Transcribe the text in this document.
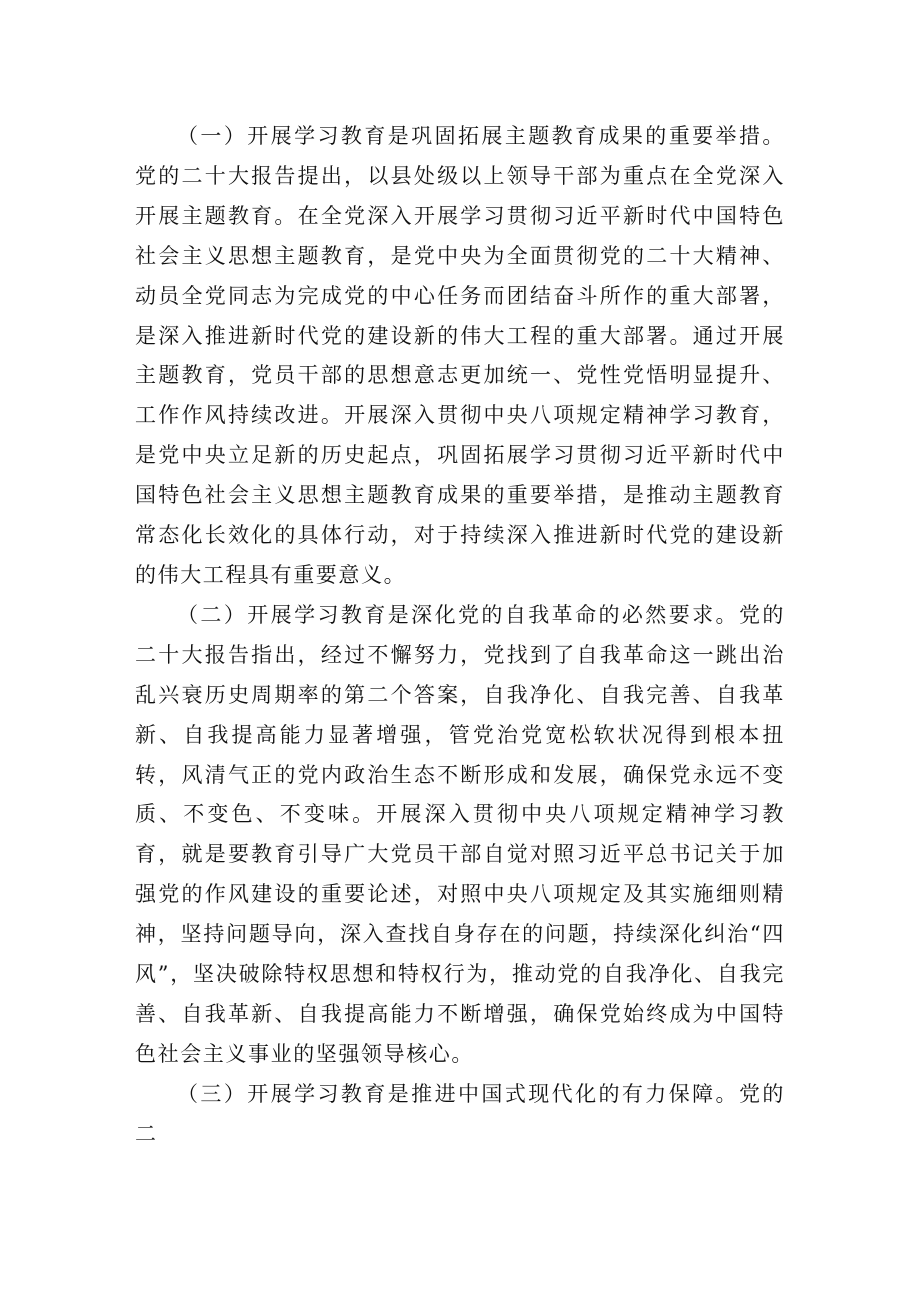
（一）开展学习教育是巩固拓展主题教育成果的重要举措。党的二十大报告提出，以县处级以上领导干部为重点在全党深入开展主题教育。在全党深入开展学习贯彻习近平新时代中国特色社会主义思想主题教育，是党中央为全面贯彻党的二十大精神、动员全党同志为完成党的中心任务而团结奋斗所作的重大部署，是深入推进新时代党的建设新的伟大工程的重大部署。通过开展主题教育，党员干部的思想意志更加统一、党性党悟明显提升、工作作风持续改进。开展深入贯彻中央八项规定精神学习教育，是党中央立足新的历史起点，巩固拓展学习贯彻习近平新时代中国特色社会主义思想主题教育成果的重要举措，是推动主题教育常态化长效化的具体行动，对于持续深入推进新时代党的建设新的伟大工程具有重要意义。

（二）开展学习教育是深化党的自我革命的必然要求。党的二十大报告指出，经过不懈努力，党找到了自我革命这一跳出治乱兴衰历史周期率的第二个答案，自我净化、自我完善、自我革新、自我提高能力显著增强，管党治党宽松软状况得到根本扭转，风清气正的党内政治生态不断形成和发展，确保党永远不变质、不变色、不变味。开展深入贯彻中央八项规定精神学习教育，就是要教育引导广大党员干部自觉对照习近平总书记关于加强党的作风建设的重要论述，对照中央八项规定及其实施细则精神，坚持问题导向，深入查找自身存在的问题，持续深化纠治“四风”，坚决破除特权思想和特权行为，推动党的自我净化、自我完善、自我革新、自我提高能力不断增强，确保党始终成为中国特色社会主义事业的坚强领导核心。

（三）开展学习教育是推进中国式现代化的有力保障。党的二
